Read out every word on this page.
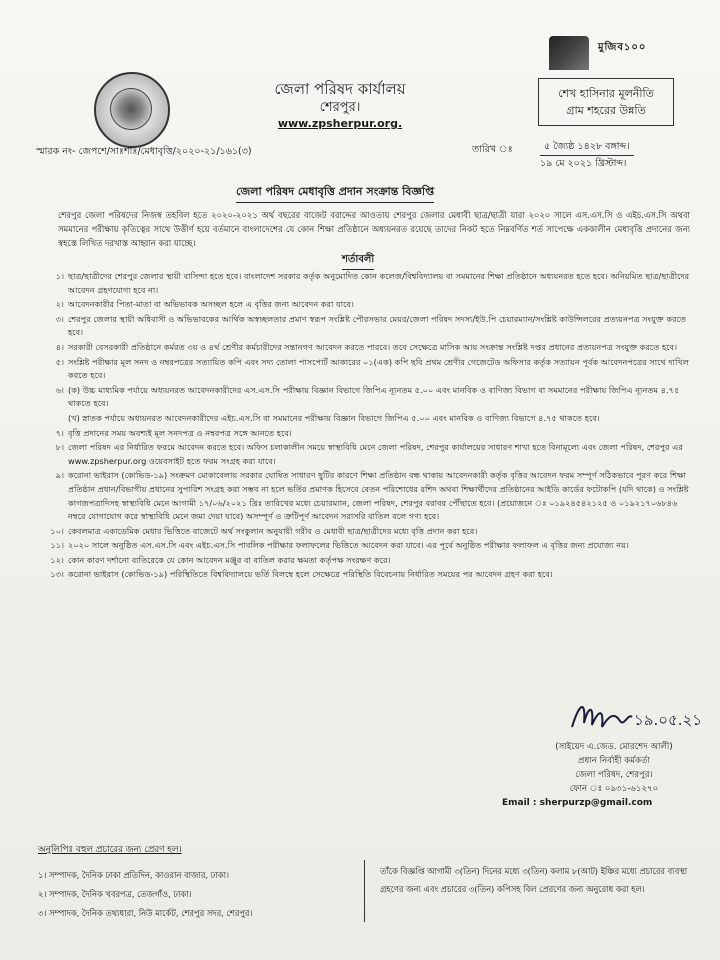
জেলা পরিষদ কার্যালয়
শেরপুর।
www.zpsherpur.org.
মুজিব১০০
শেখ হাসিনার মূলনীতি
গ্রাম শহরের উন্নতি
স্মারক নং- জেপশে/সাঃশাঃ/মেধাবৃত্তি/২০২০-২১/১৬১(৩)	তারিখ ঃ	৫ জ্যৈষ্ঠ ১৪২৮ বঙ্গাব্দ।
১৯ মে ২০২১ খ্রিস্টাব্দ।
জেলা পরিষদ মেধাবৃত্তি প্রদান সংক্রান্ত বিজ্ঞপ্তি
শেরপুর জেলা পরিষদের নিজস্ব তহবিল হতে ২০২০-২০২১ অর্থ বছরের বাজেট বরাদ্দের আওতায় শেরপুর জেলার মেধাবী ছাত্র/ছাত্রী যারা ২০২০ সালে এস.এস.সি ও এইচ.এস.সি অথবা সমমানের পরীক্ষায় কৃতিত্বের সাথে উত্তীর্ণ হয়ে বর্তমানে বাংলাদেশের যে কোন শিক্ষা প্রতিষ্ঠানে অধ্যয়নরত রয়েছে তাদের নিকট হতে নিম্নবর্ণিত শর্ত সাপেক্ষে এককালীন মেধাবৃত্তি প্রদানের জন্য স্বহস্তে লিখিত দরখাস্ত আহ্বান করা যাচ্ছে।
শর্তাবলী
১। ছাত্র/ছাত্রীদের শেরপুর জেলার স্থায়ী বাসিন্দা হতে হবে। বাংলাদেশ সরকার কর্তৃক অনুমোদিত কোন কলেজ/বিশ্ববিদ্যালয় বা সমমানের শিক্ষা প্রতিষ্ঠানে অধ্যয়নরত হতে হবে। অনিয়মিত ছাত্র/ছাত্রীদের আবেদন গ্রহণযোগ্য হবে না।
২। আবেদনকারীর পিতা-মাতা বা অভিভাবক অসচ্ছল হলে এ বৃত্তির জন্য আবেদন করা যাবে।
৩। শেরপুর জেলার স্থায়ী অধিবাসী ও অভিভাবকের আর্থিক অস্বচ্ছলতার প্রমাণ স্বরূপ সংশ্লিষ্ট পৌরসভার মেয়র/জেলা পরিষদ সদস্য/ইউ.পি চেয়ারম্যান/সংশ্লিষ্ট কাউন্সিলরের প্রত্যয়নপত্র সংযুক্ত করতে হবে।
৪। সরকারী বেসরকারী প্রতিষ্ঠানে কর্মরত ৩য় ও ৪র্থ শ্রেণীর কর্মচারীদের সন্তানগণ আবেদন করতে পারবে। তবে সেক্ষেত্রে মাসিক আয় সংক্রান্ত সংশ্লিষ্ট দপ্তর প্রধানের প্রত্যয়নপত্র সংযুক্ত করতে হবে।
৫। সংশ্লিষ্ট পরীক্ষার মূল সনদ ও নম্বরপত্রের সত্যায়িত কপি এবং সদ্য তোলা পাসপোর্ট আকারের ০১(এক) কপি ছবি প্রথম শ্রেণীর গেজেটেড অফিসার কর্তৃক সত্যায়ন পূর্বক আবেদনপত্রের সাথে দাখিল করতে হবে।
৬। (ক) উচ্চ মাধ্যমিক পর্যায়ে অধ্যয়নরত আবেদনকারীদের এস.এস.সি পরীক্ষায় বিজ্ঞান বিভাগে জিপিএ ন্যূনতম ৫.০০ এবং মানবিক ও বাণিজ্য বিভাগ বা সমমানের পরীক্ষায় জিপিএ ন্যূনতম ৪.৭৫ থাকতে হবে।
(খ) স্নাতক পর্যায়ে অধ্যয়নরত আবেদনকারীদের এইচ.এস.সি বা সমমানের পরীক্ষায় বিজ্ঞান বিভাগে জিপিএ ৫.০০ এবং মানবিক ও বাণিজ্য বিভাগে ৪.৭৫ থাকতে হবে।
৭। বৃত্তি প্রদানের সময় অবশ্যই মূল সনদপত্র ও নম্বরপত্র সঙ্গে আনতে হবে।
৮। জেলা পরিষদ এর নির্ধারিত ফরমে আবেদন করতে হবে। অফিস চলাকালীন সময়ে স্বাস্থ্যবিধি মেনে জেলা পরিষদ, শেরপুর কার্যালয়ের সাধারণ শাখা হতে বিনামূল্যে এবং জেলা পরিষদ, শেরপুর এর www.zpsherpur.org ওয়েবসাইট হতে ফরম সংগ্রহ করা যাবে।
৯। করোনা ভাইরাস (কোভিড-১৯) সংক্রমণ মোকাবেলায় সরকার ঘোষিত সাধারণ ছুটির কারণে শিক্ষা প্রতিষ্ঠান বন্ধ থাকায় আবেদনকারী কর্তৃক বৃত্তির আবেদন ফরম সম্পূর্ণ সঠিকভাবে পূরণ করে শিক্ষা প্রতিষ্ঠান প্রধান/বিভাগীয় প্রধানের সুপারিশ সংগ্রহ করা সম্ভব না হলে ভর্তির প্রমাণক হিসেবে বেতন পরিশোধের রশিদ অথবা শিক্ষার্থীদের প্রতিষ্ঠানের আইডি কার্ডের ফটোকপি (যদি থাকে) ও সংশ্লিষ্ট কাগজপত্রাদিসহ স্বাস্থ্যবিধি মেনে আগামী ১৭/০৬/২০২১ খ্রিঃ তারিখের মধ্যে চেয়ারম্যান, জেলা পরিষদ, শেরপুর বরাবর পৌঁছাতে হবে। (প্রয়োজনে ঃ ০১৯২৪৫৪২১২৫ ও ০১৯২১৭০৬৮৪৬ নম্বরে যোগাযোগ করে স্বাস্থ্যবিধি মেনে জমা দেয়া যাবে) অসম্পূর্ণ ও ত্রুটিপূর্ণ আবেদন সরাসরি বাতিল বলে গণ্য হবে।
১০। কেবলমাত্র একাডেমিক মেধার ভিত্তিতে বাজেটে অর্থ সংকুলান অনুযায়ী গরীব ও মেধাবী ছাত্র/ছাত্রীদের মধ্যে বৃত্তি প্রদান করা হবে।
১১। ২০২০ সালে অনুষ্ঠিত এস.এস.সি এবং এইচ.এস.সি পাবলিক পরীক্ষার ফলাফলের ভিত্তিতে আবেদন করা যাবে। এর পূর্বে অনুষ্ঠিত পরীক্ষার ফলাফল এ বৃত্তির জন্য প্রযোজ্য নয়।
১২। কোন কারণ দর্শানো ব্যতিরেকে যে কোন আবেদন মঞ্জুর বা বাতিল করার ক্ষমতা কর্তৃপক্ষ সংরক্ষণ করে।
১৩। করোনা ভাইরাস (কোভিড-১৯) পরিস্থিতিতে বিশ্ববিদ্যালয়ে ভর্তি বিলম্বে হলে সেক্ষেত্রে পরিস্থিতি বিবেচনায় নির্ধারিত সময়ের পর আবেদন গ্রহণ করা হবে।
১৯.০৫.২১
(সাইয়েদ এ.জেড. মোরশেদ আলী)
প্রধান নির্বাহী কর্মকর্তা
জেলা পরিষদ, শেরপুর।
ফোন ঃ ০৯৩১-৬১২৭০
Email : sherpurzp@gmail.com
অনুলিপিঃ বহুল প্রচারের জন্য প্রেরণ হল।
১। সম্পাদক, দৈনিক ঢাকা প্রতিদিন, কাওরান বাজার, ঢাকা।
২। সম্পাদক, দৈনিক খবরপত্র, তেজগাঁও, ঢাকা।
৩। সম্পাদক, দৈনিক তথ্যধারা, নিউ মার্কেট, শেরপুর সদর, শেরপুর।
তাঁকে বিজ্ঞপ্তি আগামী ৩(তিন) দিনের মধ্যে ৩(তিন) কলাম ৮(আট) ইঞ্চির মধ্যে প্রচারের ব্যবস্থা গ্রহণের জন্য এবং প্রচারের ৩(তিন) কপিসহ বিল প্রেরণের জন্য অনুরোধ করা হল।
